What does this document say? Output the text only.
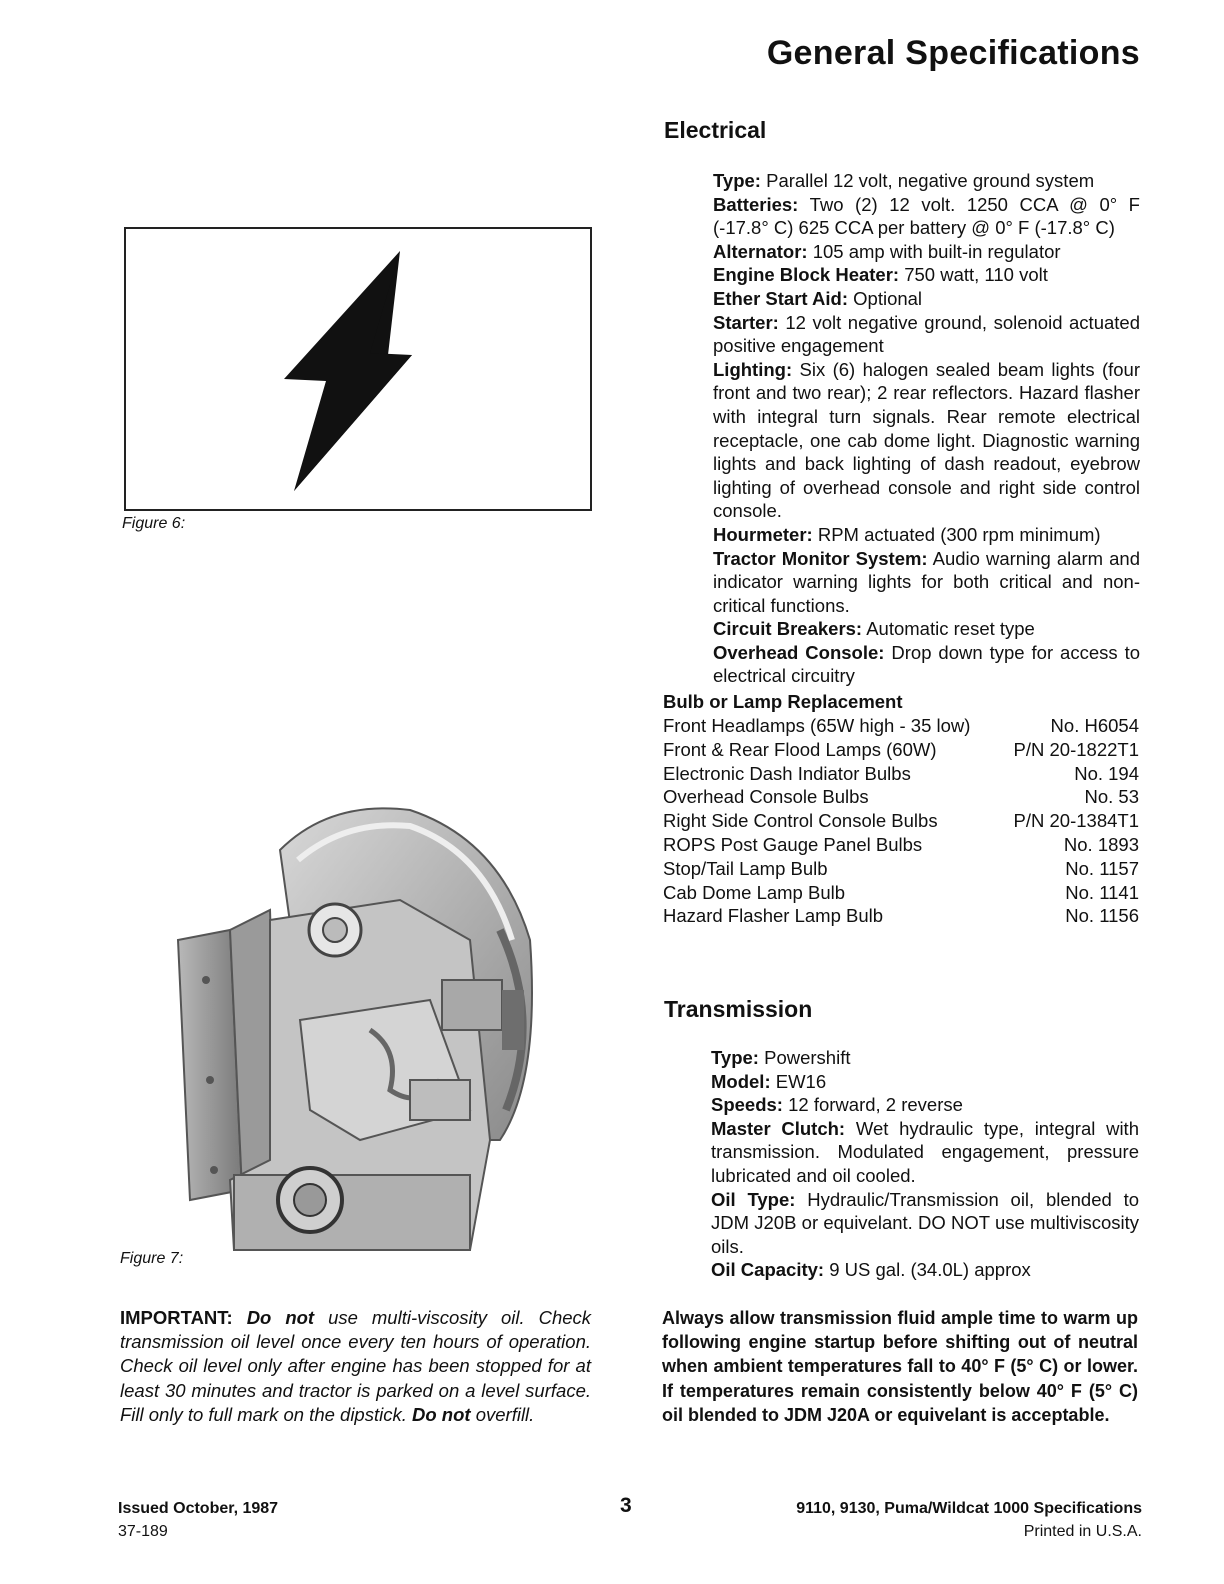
General Specifications
Electrical

Type: Parallel 12 volt, negative ground system

Batteries: Two (2) 12 volt. 1250 CCA @ 0° F (-17.8° C) 625 CCA per battery @ 0° F (-17.8° C)

Alternator: 105 amp with built-in regulator

Engine Block Heater: 750 watt, 110 volt

Ether Start Aid: Optional

Starter: 12 volt negative ground, solenoid actuated positive engagement

Lighting: Six (6) halogen sealed beam lights (four front and two rear); 2 rear reflectors. Hazard flasher with integral turn signals. Rear remote electrical receptacle, one cab dome light. Diagnostic warning lights and back lighting of dash readout, eyebrow lighting of overhead console and right side control console.

Hourmeter: RPM actuated (300 rpm minimum)

Tractor Monitor System: Audio warning alarm and indicator warning lights for both critical and non-critical functions.

Circuit Breakers: Automatic reset type

Overhead Console: Drop down type for access to electrical circuitry

Bulb or Lamp Replacement
Front Headlamps (65W high - 35 low)	No. H6054
Front & Rear Flood Lamps (60W)	P/N 20-1822T1
Electronic Dash Indiator Bulbs	No. 194
Overhead Console Bulbs	No. 53
Right Side Control Console Bulbs	P/N 20-1384T1
ROPS Post Gauge Panel Bulbs	No. 1893
Stop/Tail Lamp Bulb	No. 1157
Cab Dome Lamp Bulb	No. 1141
Hazard Flasher Lamp Bulb	No. 1156
Transmission

Type: Powershift

Model: EW16

Speeds: 12 forward, 2 reverse

Master Clutch: Wet hydraulic type, integral with transmission. Modulated engagement, pressure lubricated and oil cooled.

Oil Type: Hydraulic/Transmission oil, blended to JDM J20B or equivelant. DO NOT use multiviscosity oils.

Oil Capacity: 9 US gal. (34.0L) approx

Always allow transmission fluid ample time to warm up following engine startup before shifting out of neutral when ambient temperatures fall to 40° F (5° C) or lower. If temperatures remain consistently below 40° F (5° C) oil blended to JDM J20A or equivelant is acceptable.
Figure 6:
Figure 7:
IMPORTANT: Do not use multi-viscosity oil. Check transmission oil level once every ten hours of operation. Check oil level only after engine has been stopped for at least 30 minutes and tractor is parked on a level surface. Fill only to full mark on the dipstick. Do not overfill.
Issued October, 1987
37-189
3	9110, 9130, Puma/Wildcat 1000 Specifications
Printed in U.S.A.
